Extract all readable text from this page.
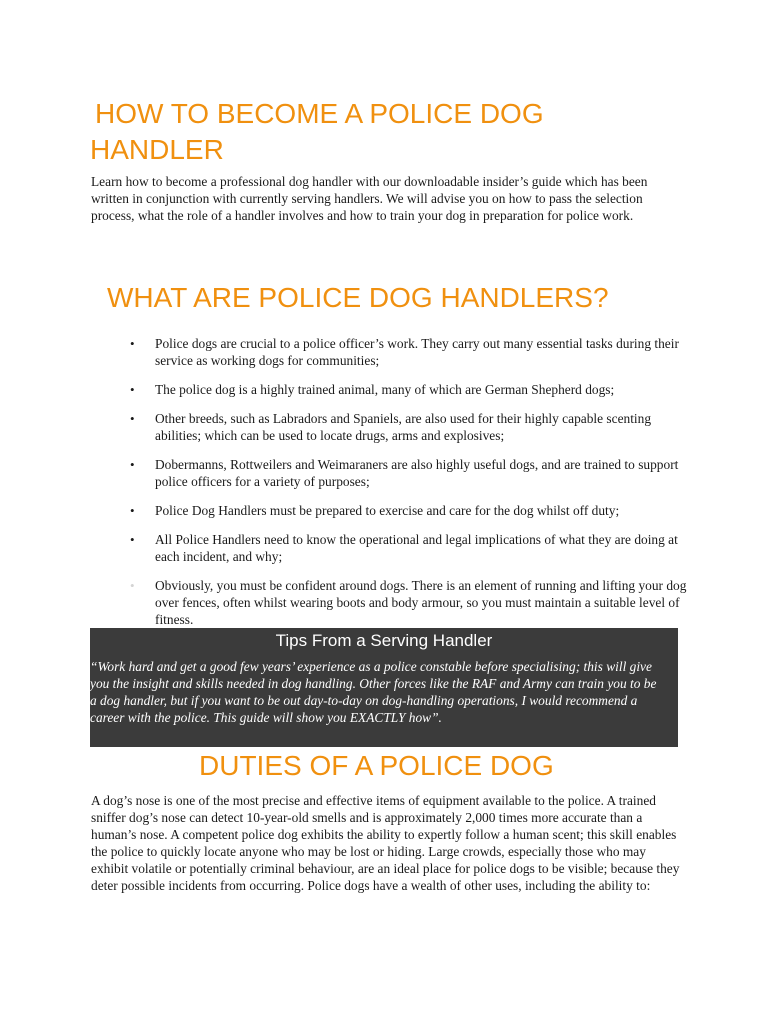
HOW TO BECOME A POLICE DOG
HANDLER

Learn how to become a professional dog handler with our downloadable insider’s guide which has been written in conjunction with currently serving handlers. We will advise you on how to pass the selection process, what the role of a handler involves and how to train your dog in preparation for police work.

WHAT ARE POLICE DOG HANDLERS?
• Police dogs are crucial to a police officer’s work. They carry out many essential tasks during their service as working dogs for communities;
• The police dog is a highly trained animal, many of which are German Shepherd dogs;
• Other breeds, such as Labradors and Spaniels, are also used for their highly capable scenting abilities; which can be used to locate drugs, arms and explosives;
• Dobermanns, Rottweilers and Weimaraners are also highly useful dogs, and are trained to support police officers for a variety of purposes;
• Police Dog Handlers must be prepared to exercise and care for the dog whilst off duty;
• All Police Handlers need to know the operational and legal implications of what they are doing at each incident, and why;
• Obviously, you must be confident around dogs. There is an element of running and lifting your dog over fences, often whilst wearing boots and body armour, so you must maintain a suitable level of fitness.
Tips From a Serving Handler

“Work hard and get a good few years’ experience as a police constable before specialising; this will give you the insight and skills needed in dog handling. Other forces like the RAF and Army can train you to be a dog handler, but if you want to be out day-to-day on dog-handling operations, I would recommend a career with the police. This guide will show you EXACTLY how”.

DUTIES OF A POLICE DOG

A dog’s nose is one of the most precise and effective items of equipment available to the police. A trained sniffer dog’s nose can detect 10-year-old smells and is approximately 2,000 times more accurate than a human’s nose. A competent police dog exhibits the ability to expertly follow a human scent; this skill enables the police to quickly locate anyone who may be lost or hiding. Large crowds, especially those who may exhibit volatile or potentially criminal behaviour, are an ideal place for police dogs to be visible; because they deter possible incidents from occurring. Police dogs have a wealth of other uses, including the ability to:
